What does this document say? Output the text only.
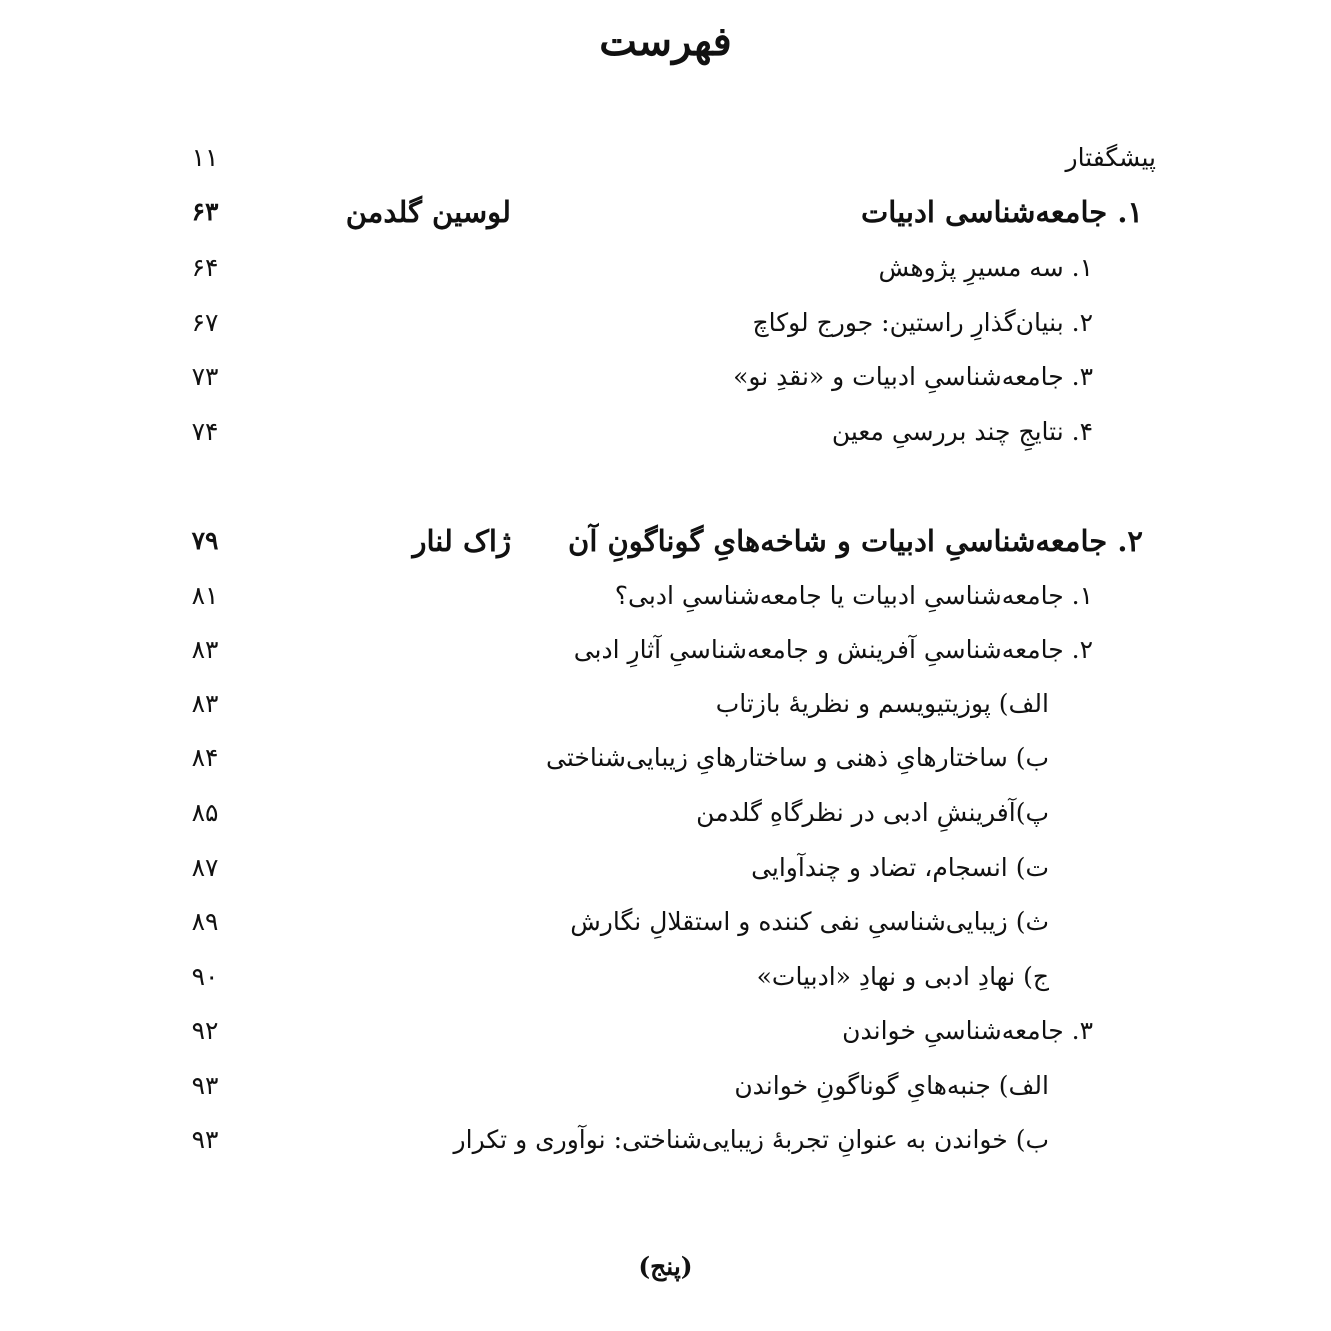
فهرست
پیشگفتار
۱۱
۱. جامعه‌شناسی ادبیات
لوسین گلدمن
۶۳
۱. سه مسیرِ پژوهش
۶۴
۲. بنیان‌گذارِ راستین: جورج لوکاچ
۶۷
۳. جامعه‌شناسیِ ادبیات و «نقدِ نو»
۷۳
۴. نتایجِ چند بررسیِ معین
۷۴
۲. جامعه‌شناسیِ ادبیات و شاخه‌هایِ گوناگونِ آن
ژاک لنار
۷۹
۱. جامعه‌شناسیِ ادبیات یا جامعه‌شناسیِ ادبی؟
۸۱
۲. جامعه‌شناسیِ آفرینش و جامعه‌شناسیِ آثارِ ادبی
۸۳
الف) پوزیتیویسم و نظریهٔ بازتاب
۸۳
ب) ساختارهایِ ذهنی و ساختارهایِ زیبایی‌شناختی
۸۴
پ)آفرینشِ ادبی در نظرگاهِ گلدمن
۸۵
ت) انسجام، تضاد و چندآوایی
۸۷
ث) زیبایی‌شناسیِ نفی کننده و استقلالِ نگارش
۸۹
ج) نهادِ ادبی و نهادِ «ادبیات»
۹۰
۳. جامعه‌شناسیِ خواندن
۹۲
الف) جنبه‌هایِ گوناگونِ خواندن
۹۳
ب) خواندن به عنوانِ تجربهٔ زیبایی‌شناختی: نوآوری و تکرار
۹۳
(پنج)
